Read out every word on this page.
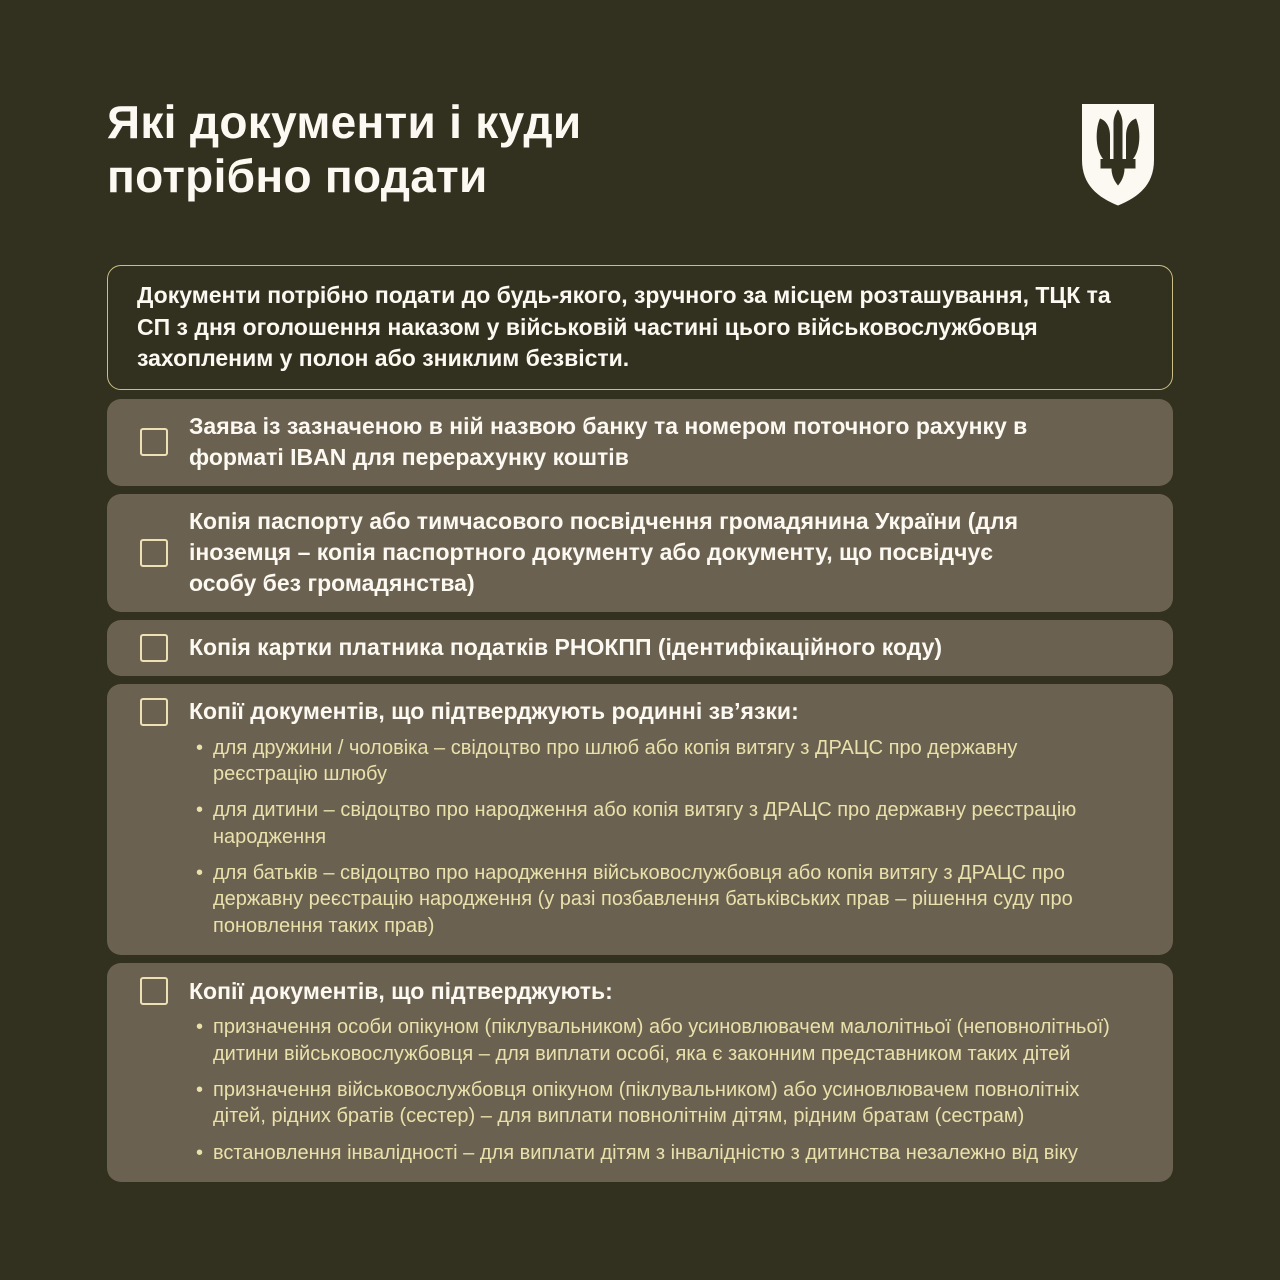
Які документи і куди
потрібно подати

Документи потрібно подати до будь-якого, зручного за місцем розташування, ТЦК та СП з дня оголошення наказом у військовій частині цього військовослужбовця захопленим у полон або зниклим безвісти.

Заява із зазначеною в ній назвою банку та номером поточного рахунку в форматі IBAN для перерахунку коштів
Копія паспорту або тимчасового посвідчення громадянина України (для іноземця – копія паспортного документу або документу, що посвідчує особу без громадянства)
Копія картки платника податків РНОКПП (ідентифікаційного коду)
Копії документів, що підтверджують родинні зв’язки:
• для дружини / чоловіка – свідоцтво про шлюб або копія витягу з ДРАЦС про державну реєстрацію шлюбу
• для дитини – свідоцтво про народження або копія витягу з ДРАЦС про державну реєстрацію народження
• для батьків – свідоцтво про народження військовослужбовця або копія витягу з ДРАЦС про державну реєстрацію народження (у разі позбавлення батьківських прав – рішення суду про поновлення таких прав)
Копії документів, що підтверджують:
• призначення особи опікуном (піклувальником) або усиновлювачем малолітньої (неповнолітньої) дитини військовослужбовця – для виплати особі, яка є законним представником таких дітей
• призначення військовослужбовця опікуном (піклувальником) або усиновлювачем повнолітніх дітей, рідних братів (сестер) – для виплати повнолітнім дітям, рідним братам (сестрам)
• встановлення інвалідності – для виплати дітям з інвалідністю з дитинства незалежно від віку
